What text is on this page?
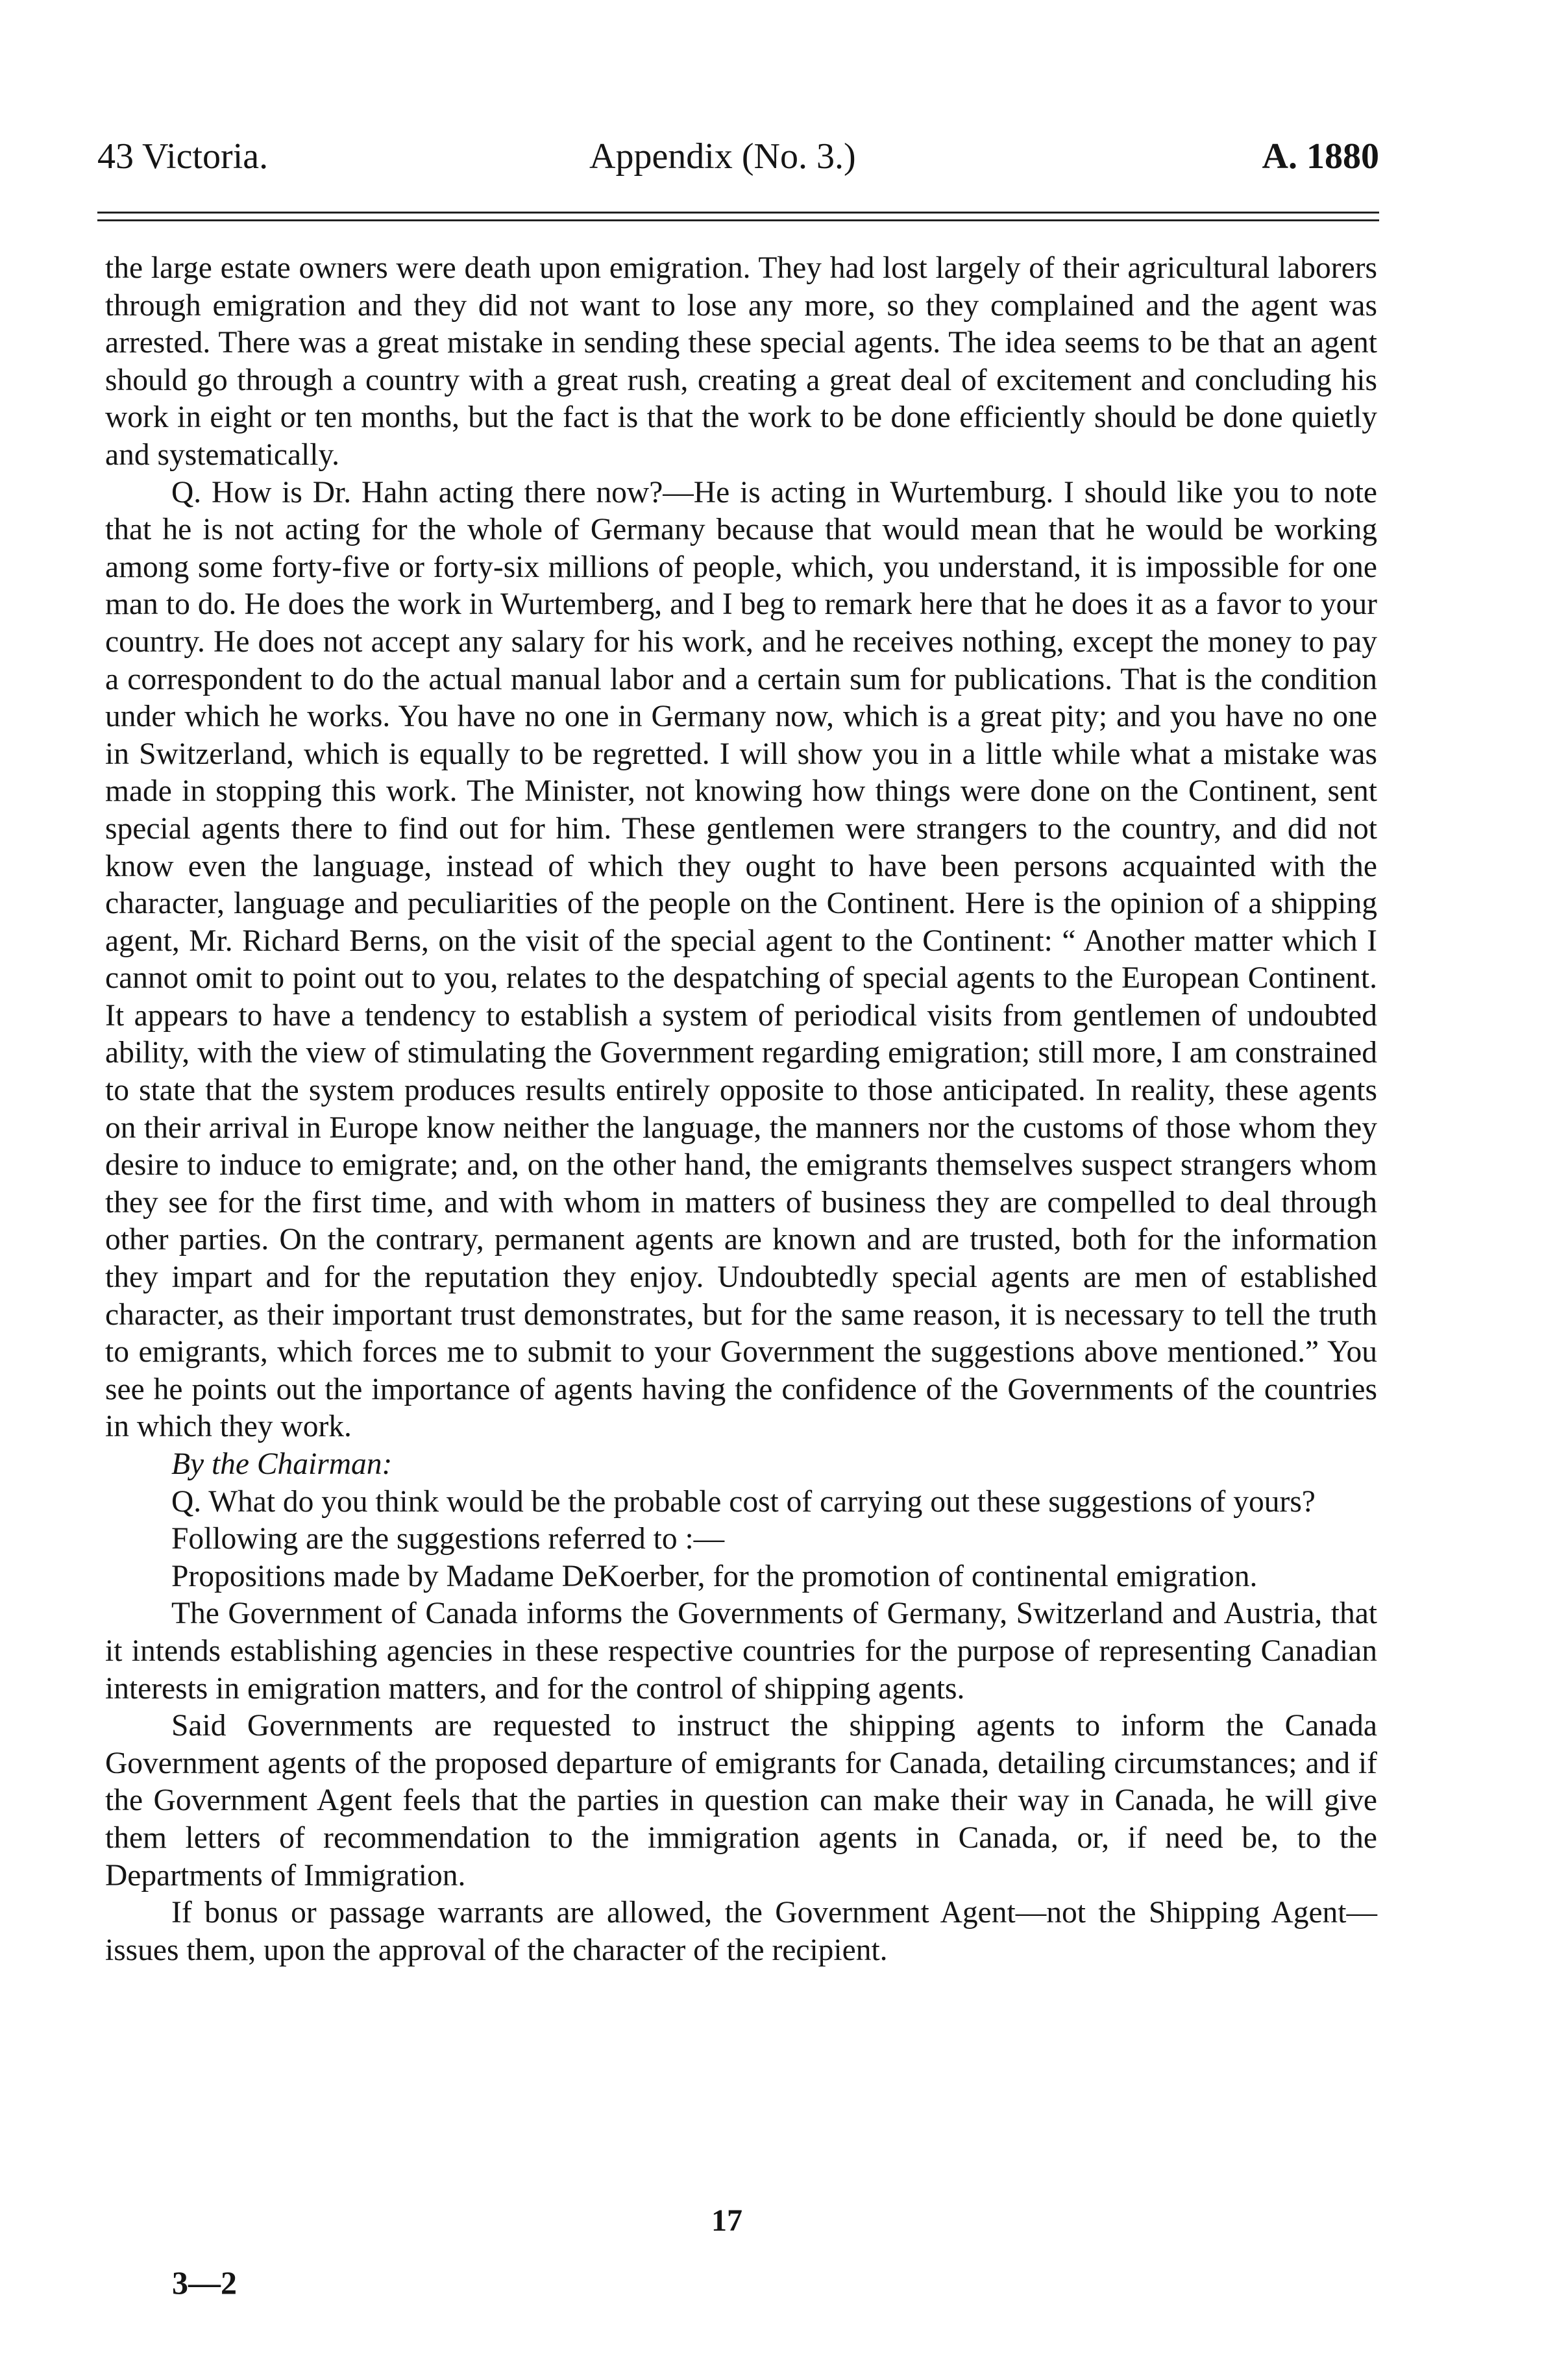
43 Victoria.	Appendix (No. 3.)	A. 1880

the large estate owners were death upon emigration. They had lost largely of their agricultural laborers through emigration and they did not want to lose any more, so they complained and the agent was arrested. There was a great mistake in sending these special agents. The idea seems to be that an agent should go through a country with a great rush, creating a great deal of excitement and concluding his work in eight or ten months, but the fact is that the work to be done efficiently should be done quietly and systematically.

Q. How is Dr. Hahn acting there now?—He is acting in Wurtemburg. I should like you to note that he is not acting for the whole of Germany because that would mean that he would be working among some forty-five or forty-six millions of people, which, you understand, it is impossible for one man to do. He does the work in Wurtemberg, and I beg to remark here that he does it as a favor to your country. He does not accept any salary for his work, and he receives nothing, except the money to pay a correspondent to do the actual manual labor and a certain sum for publications. That is the condition under which he works. You have no one in Germany now, which is a great pity; and you have no one in Switzerland, which is equally to be regretted. I will show you in a little while what a mistake was made in stopping this work. The Minister, not knowing how things were done on the Continent, sent special agents there to find out for him. These gentlemen were strangers to the country, and did not know even the language, instead of which they ought to have been persons acquainted with the character, language and peculiarities of the people on the Continent. Here is the opinion of a shipping agent, Mr. Richard Berns, on the visit of the special agent to the Continent: “ Another matter which I cannot omit to point out to you, relates to the despatching of special agents to the European Continent. It appears to have a tendency to establish a system of periodical visits from gentlemen of undoubted ability, with the view of stimulating the Government regarding emigration; still more, I am constrained to state that the system produces results entirely opposite to those anticipated. In reality, these agents on their arrival in Europe know neither the language, the manners nor the customs of those whom they desire to induce to emigrate; and, on the other hand, the emigrants themselves suspect strangers whom they see for the first time, and with whom in matters of business they are compelled to deal through other parties. On the contrary, permanent agents are known and are trusted, both for the information they impart and for the reputation they enjoy. Undoubtedly special agents are men of established character, as their important trust demonstrates, but for the same reason, it is necessary to tell the truth to emigrants, which forces me to submit to your Government the suggestions above mentioned.” You see he points out the importance of agents having the confidence of the Governments of the countries in which they work.

By the Chairman:

Q. What do you think would be the probable cost of carrying out these suggestions of yours?

Following are the suggestions referred to :—

Propositions made by Madame DeKoerber, for the promotion of continental emigration.

The Government of Canada informs the Governments of Germany, Switzerland and Austria, that it intends establishing agencies in these respective countries for the purpose of representing Canadian interests in emigration matters, and for the control of shipping agents.

Said Governments are requested to instruct the shipping agents to inform the Canada Government agents of the proposed departure of emigrants for Canada, detailing circumstances; and if the Government Agent feels that the parties in question can make their way in Canada, he will give them letters of recommendation to the immigration agents in Canada, or, if need be, to the Departments of Immigration.

If bonus or passage warrants are allowed, the Government Agent—not the Shipping Agent—issues them, upon the approval of the character of the recipient.

17
3—2
